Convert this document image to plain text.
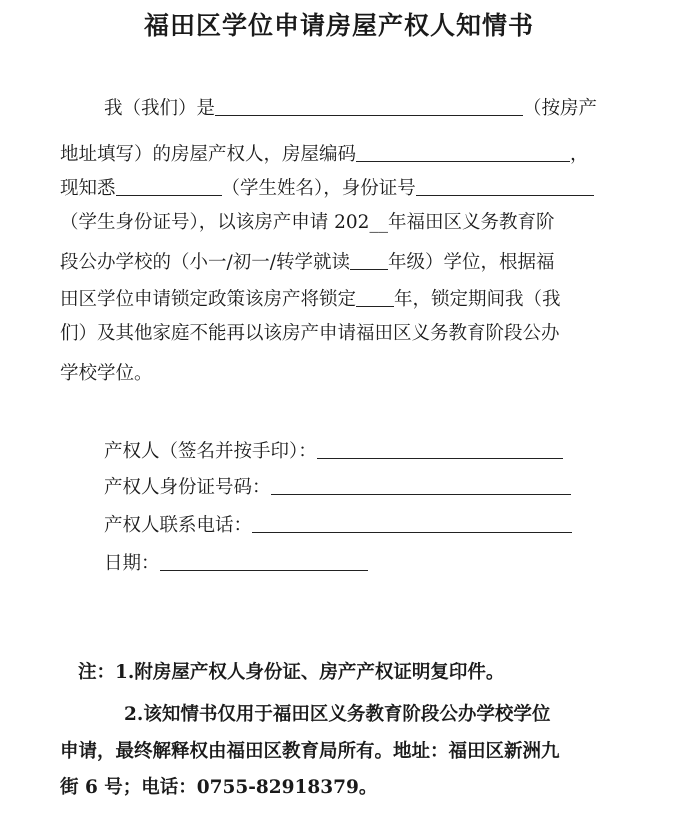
福田区学位申请房屋产权人知情书
我（我们）是	（按房产
地址填写）的房屋产权人，房屋编码	，
现知悉	（学生姓名），身份证号
（学生身份证号），以该房产申请 202__年福田区义务教育阶
段公办学校的（小一/初一/转学就读 年级）学位，根据福
田区学位申请锁定政策该房产将锁定 年，锁定期间我（我
们）及其他家庭不能再以该房产申请福田区义务教育阶段公办
学校学位。
产权人（签名并按手印）：
产权人身份证号码：
产权人联系电话：
日期：
注：1.附房屋产权人身份证、房产产权证明复印件。
2.该知情书仅用于福田区义务教育阶段公办学校学位
申请，最终解释权由福田区教育局所有。地址：福田区新洲九
街 6 号；电话：0755-82918379。
